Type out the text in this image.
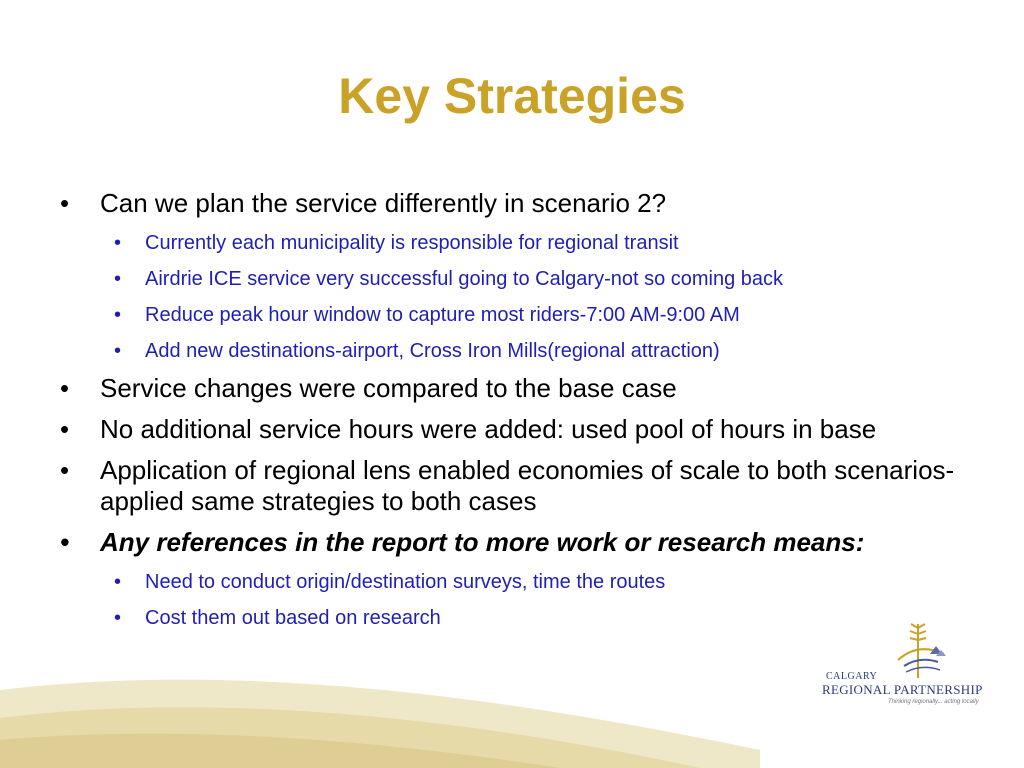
Key Strategies
• Can we plan the service differently in scenario 2?
• Currently each municipality is responsible for regional transit
• Airdrie ICE service very successful going to Calgary-not so coming back
• Reduce peak hour window to capture most riders-7:00 AM-9:00 AM
• Add new destinations-airport, Cross Iron Mills(regional attraction)
• Service changes were compared to the base case
• No additional service hours were added: used pool of hours in base
• Application of regional lens enabled economies of scale to both scenarios-applied same strategies to both cases
• Any references in the report to more work or research means:
• Need to conduct origin/destination surveys, time the routes
• Cost them out based on research
CALGARY
REGIONAL PARTNERSHIP
Thinking regionally... acting locally
